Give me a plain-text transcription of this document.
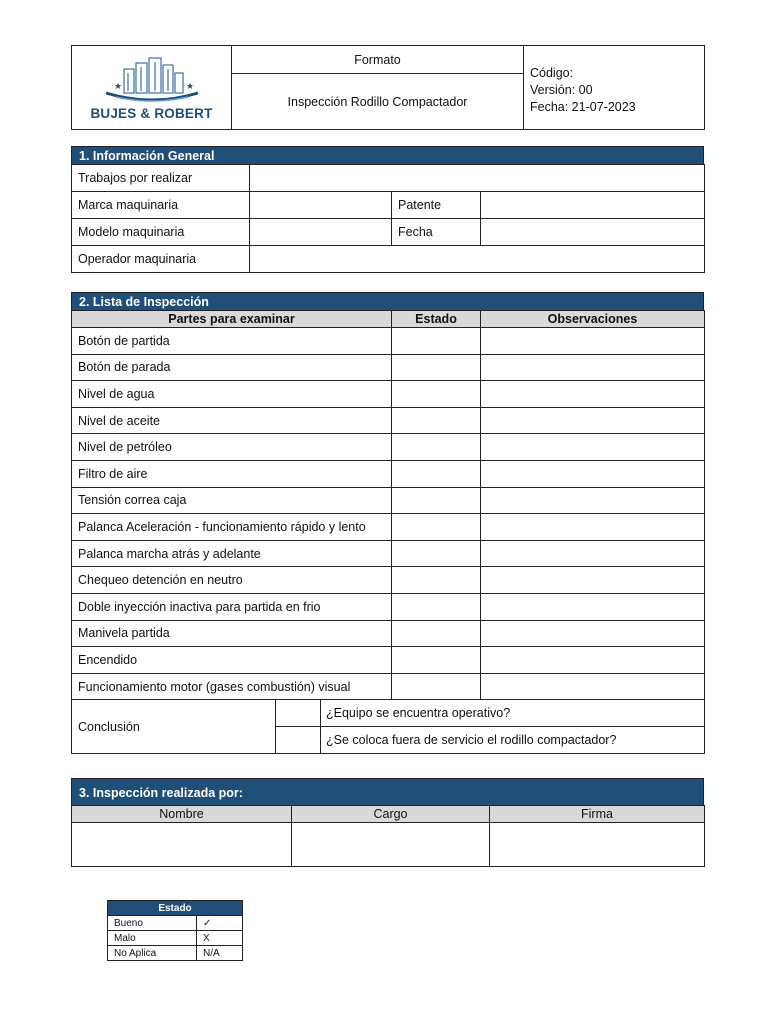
★	★
BUJES & ROBERT
	Formato	
Código:
Versión: 00
Fecha: 21-07-2023

Inspección Rodillo Compactador
1. Información General
Trabajos por realizar			
Marca maquinaria		Patente	
Modelo maquinaria		Fecha	
Operador maquinaria			
2. Lista de Inspección
Partes para examinar		Estado	Observaciones
Botón de partida			
Botón de parada			
Nivel de agua			
Nivel de aceite			
Nivel de petróleo			
Filtro de aire			
Tensión correa caja			
Palanca Aceleración - funcionamiento rápido y lento			
Palanca marcha atrás y adelante			
Chequeo detención en neutro			
Doble inyección inactiva para partida en frio			
Manivela partida			
Encendido			
Funcionamiento motor (gases combustión) visual			
Conclusión	¿Equipo se encuentra operativo?		

	¿Se coloca fuera de servicio el rodillo compactador?		
3. Inspección realizada por:
Nombre	Cargo	Firma

Estado	
Bueno	✓
Malo	X
No Aplica	N/A
